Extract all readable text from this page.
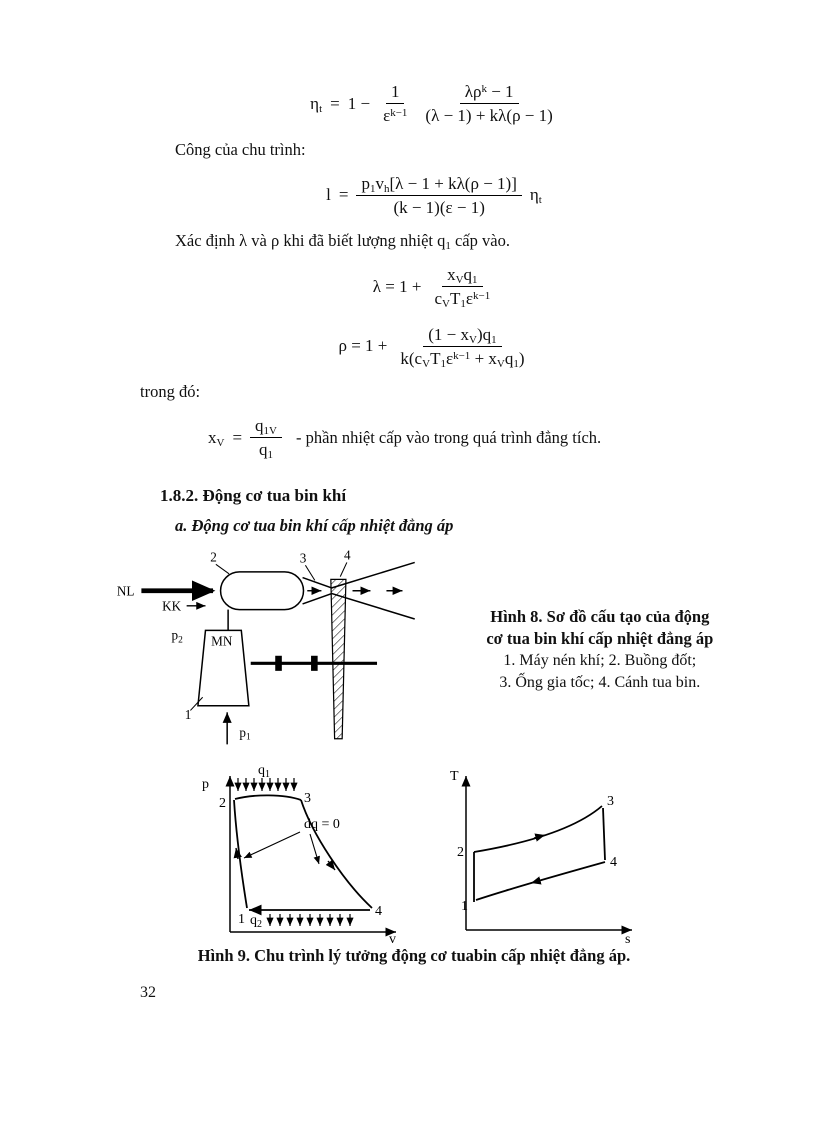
$\eta_t = 1 - \frac{1}{\varepsilon^{k-1}} \frac{\lambda\rho^k - 1}{(\lambda - 1) + k\lambda(\rho - 1)}$

Công của chu trình:

$l = \frac{p_1v_h[\lambda - 1 + k\lambda(\rho - 1)]}{(k - 1)(\varepsilon - 1)} \eta_t$

Xác định λ và ρ khi đã biết lượng nhiệt $q_1$ cấp vào.

$\lambda = 1 + \frac{x_Vq_1}{c_VT_1\varepsilon^{k-1}}$
$\rho = 1 + \frac{(1 - x_V)q_1}{k(c_VT_1\varepsilon^{k-1} + x_Vq_1)}$

trong đó:

$x_V = \frac{q_{1V}}{q_1}$ - phần nhiệt cấp vào trong quá trình đẳng tích.
1.8.2. Động cơ tua bin khí
a. Động cơ tua bin khí cấp nhiệt đẳng áp
NL
2	3	4
MN
1
KK
$p_2$
$p_1$
Hình 8. Sơ đồ cấu tạo của động
cơ tua bin khí cấp nhiệt đẳng áp
1. Máy nén khí; 2. Buồng đốt;
3. Ống gia tốc; 4. Cánh tua bin.
p
v
$q_1$
dq = 0
2	3
4
1 $q_2$
T
s
2
3
4
1
Hình 9. Chu trình lý tưởng động cơ tuabin cấp nhiệt đẳng áp.
32
